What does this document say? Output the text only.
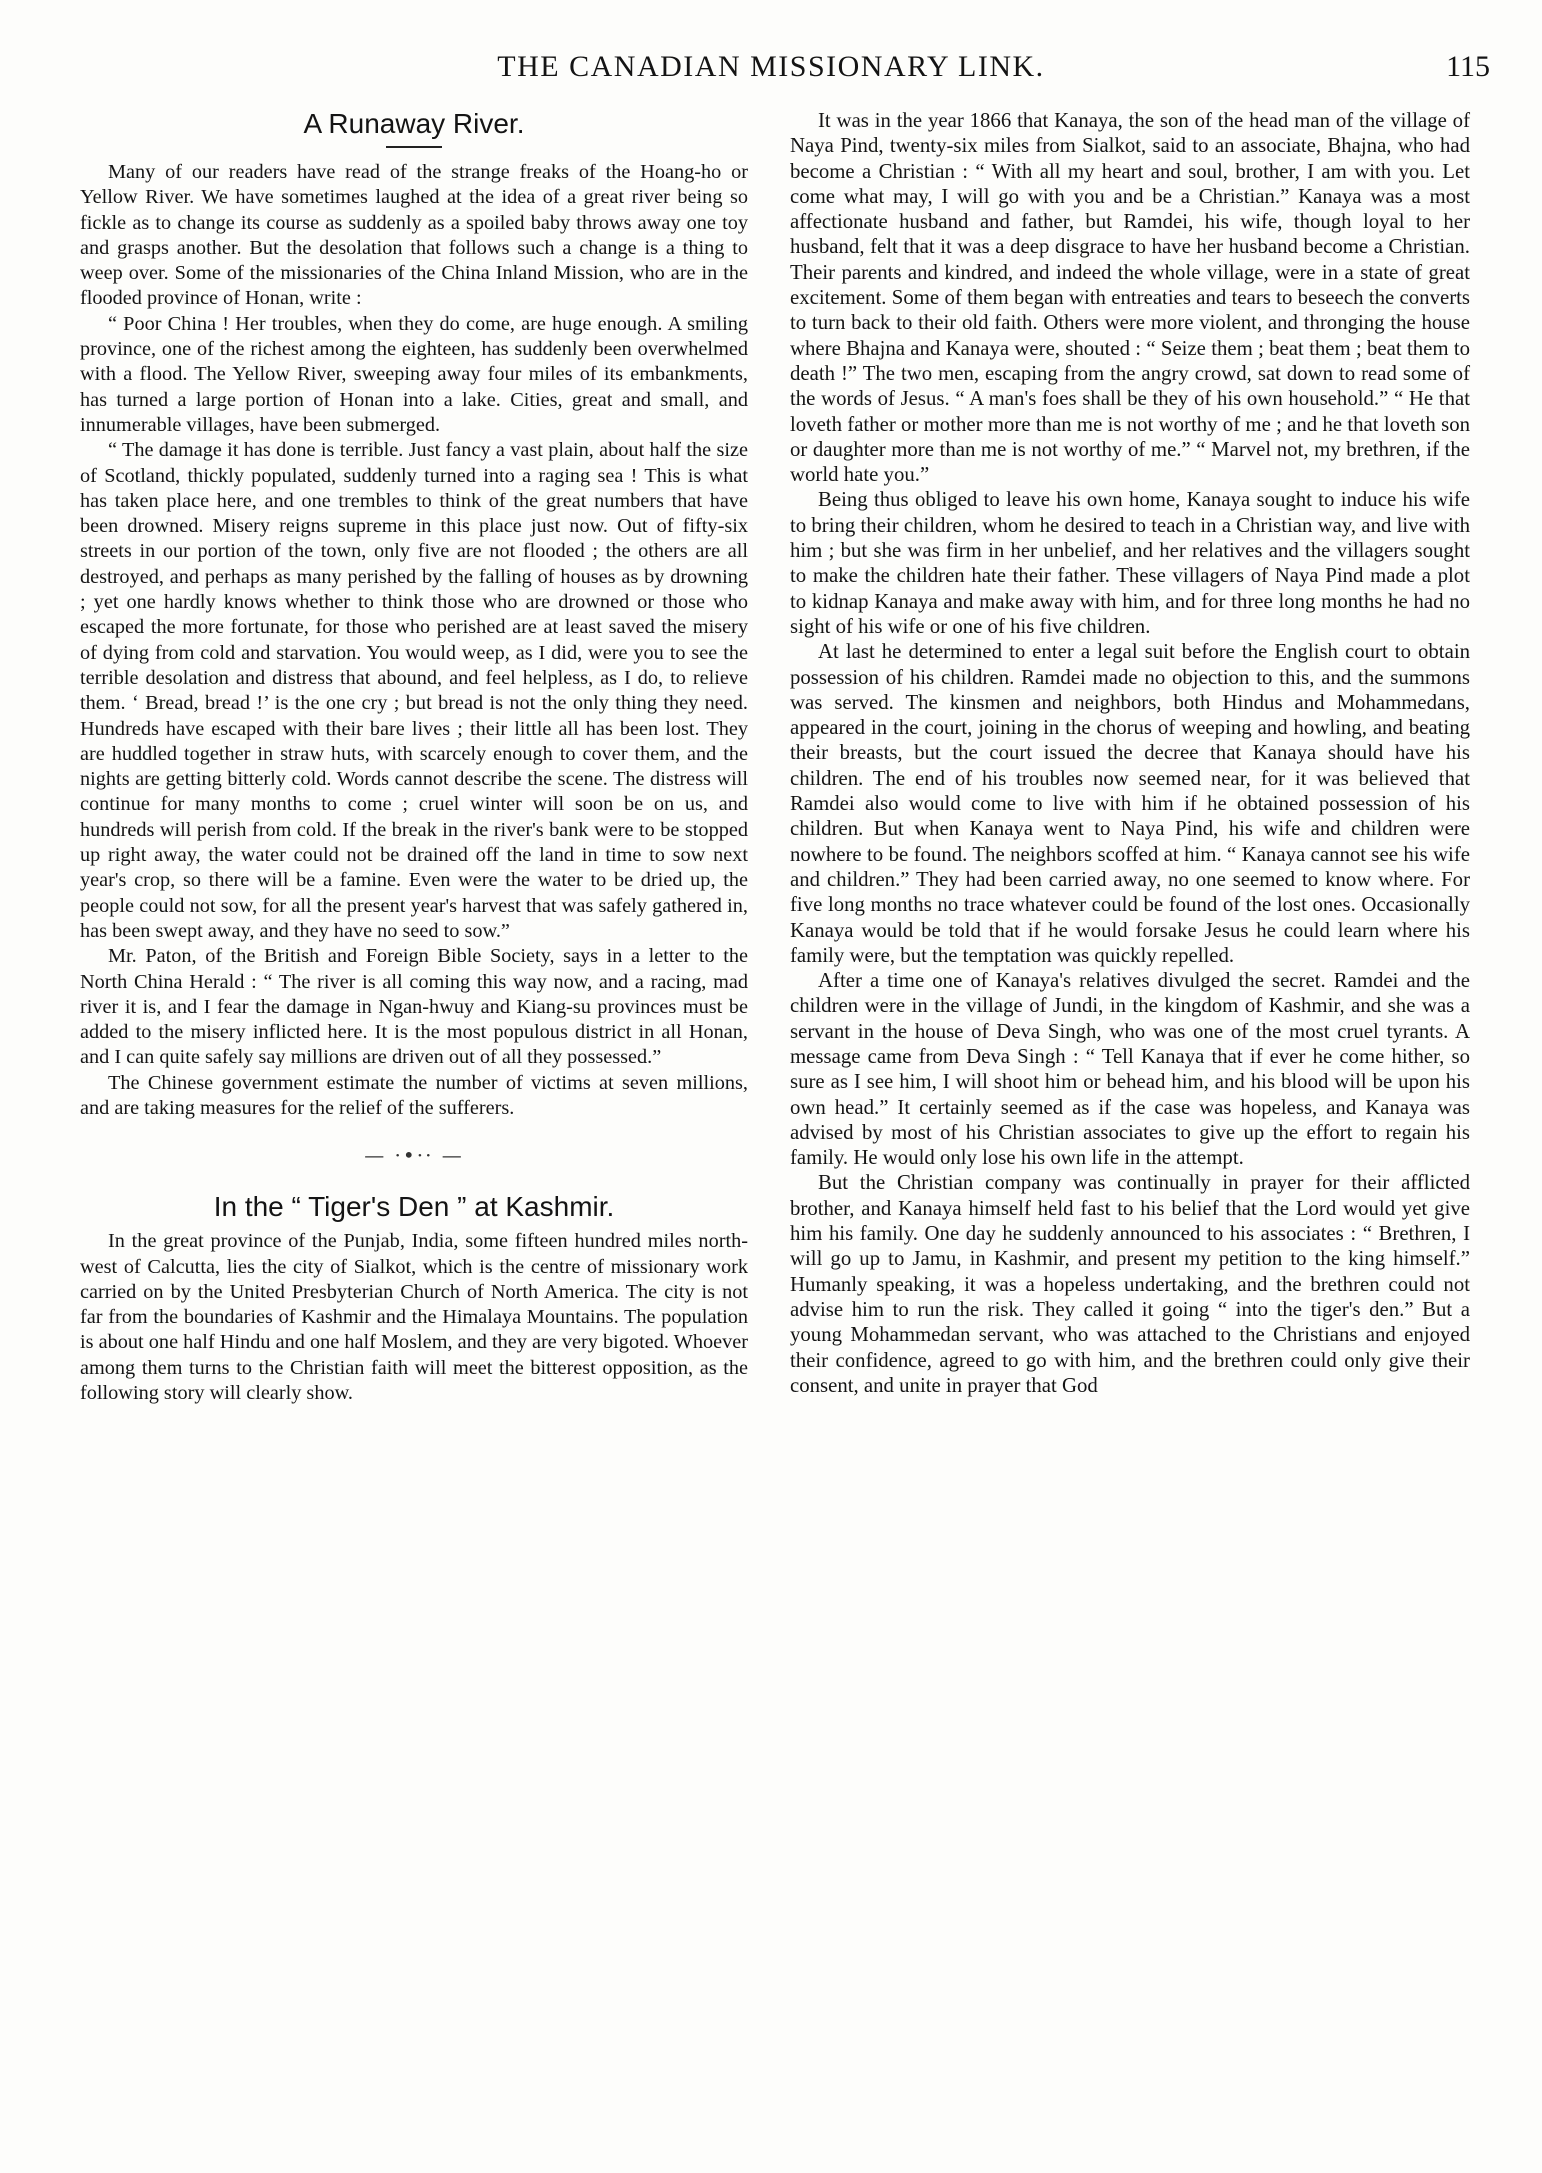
THE CANADIAN MISSIONARY LINK.	115
A Runaway River.

Many of our readers have read of the strange freaks of the Hoang-ho or Yellow River. We have sometimes laughed at the idea of a great river being so fickle as to change its course as suddenly as a spoiled baby throws away one toy and grasps another. But the desolation that follows such a change is a thing to weep over. Some of the missionaries of the China Inland Mission, who are in the flooded province of Honan, write :

“ Poor China ! Her troubles, when they do come, are huge enough. A smiling province, one of the richest among the eighteen, has suddenly been overwhelmed with a flood. The Yellow River, sweeping away four miles of its embankments, has turned a large portion of Honan into a lake. Cities, great and small, and innumerable villages, have been submerged.

“ The damage it has done is terrible. Just fancy a vast plain, about half the size of Scotland, thickly populated, suddenly turned into a raging sea ! This is what has taken place here, and one trembles to think of the great numbers that have been drowned. Misery reigns supreme in this place just now. Out of fifty-six streets in our portion of the town, only five are not flooded ; the others are all destroyed, and perhaps as many perished by the falling of houses as by drowning ; yet one hardly knows whether to think those who are drowned or those who escaped the more fortunate, for those who perished are at least saved the misery of dying from cold and starvation. You would weep, as I did, were you to see the terrible desolation and distress that abound, and feel helpless, as I do, to relieve them. ‘ Bread, bread !’ is the one cry ; but bread is not the only thing they need. Hundreds have escaped with their bare lives ; their little all has been lost. They are huddled together in straw huts, with scarcely enough to cover them, and the nights are getting bitterly cold. Words cannot describe the scene. The distress will continue for many months to come ; cruel winter will soon be on us, and hundreds will perish from cold. If the break in the river's bank were to be stopped up right away, the water could not be drained off the land in time to sow next year's crop, so there will be a famine. Even were the water to be dried up, the people could not sow, for all the present year's harvest that was safely gathered in, has been swept away, and they have no seed to sow.”

Mr. Paton, of the British and Foreign Bible Society, says in a letter to the North China Herald : “ The river is all coming this way now, and a racing, mad river it is, and I fear the damage in Ngan-hwuy and Kiang-su provinces must be added to the misery inflicted here. It is the most populous district in all Honan, and I can quite safely say millions are driven out of all they possessed.”

The Chinese government estimate the number of victims at seven millions, and are taking measures for the relief of the sufferers.

— ·•·· —
In the “ Tiger's Den ” at Kashmir.

In the great province of the Punjab, India, some fifteen hundred miles north-west of Calcutta, lies the city of Sialkot, which is the centre of missionary work carried on by the United Presbyterian Church of North America. The city is not far from the boundaries of Kashmir and the Himalaya Mountains. The population is about one half Hindu and one half Moslem, and they are very bigoted. Whoever among them turns to the Christian faith will meet the bitterest opposition, as the following story will clearly show.

It was in the year 1866 that Kanaya, the son of the head man of the village of Naya Pind, twenty-six miles from Sialkot, said to an associate, Bhajna, who had become a Christian : “ With all my heart and soul, brother, I am with you. Let come what may, I will go with you and be a Christian.” Kanaya was a most affectionate husband and father, but Ramdei, his wife, though loyal to her husband, felt that it was a deep disgrace to have her husband become a Christian. Their parents and kindred, and indeed the whole village, were in a state of great excitement. Some of them began with entreaties and tears to beseech the converts to turn back to their old faith. Others were more violent, and thronging the house where Bhajna and Kanaya were, shouted : “ Seize them ; beat them ; beat them to death !” The two men, escaping from the angry crowd, sat down to read some of the words of Jesus. “ A man's foes shall be they of his own household.” “ He that loveth father or mother more than me is not worthy of me ; and he that loveth son or daughter more than me is not worthy of me.” “ Marvel not, my brethren, if the world hate you.”

Being thus obliged to leave his own home, Kanaya sought to induce his wife to bring their children, whom he desired to teach in a Christian way, and live with him ; but she was firm in her unbelief, and her relatives and the villagers sought to make the children hate their father. These villagers of Naya Pind made a plot to kidnap Kanaya and make away with him, and for three long months he had no sight of his wife or one of his five children.

At last he determined to enter a legal suit before the English court to obtain possession of his children. Ramdei made no objection to this, and the summons was served. The kinsmen and neighbors, both Hindus and Mohammedans, appeared in the court, joining in the chorus of weeping and howling, and beating their breasts, but the court issued the decree that Kanaya should have his children. The end of his troubles now seemed near, for it was believed that Ramdei also would come to live with him if he obtained possession of his children. But when Kanaya went to Naya Pind, his wife and children were nowhere to be found. The neighbors scoffed at him. “ Kanaya cannot see his wife and children.” They had been carried away, no one seemed to know where. For five long months no trace whatever could be found of the lost ones. Occasionally Kanaya would be told that if he would forsake Jesus he could learn where his family were, but the temptation was quickly repelled.

After a time one of Kanaya's relatives divulged the secret. Ramdei and the children were in the village of Jundi, in the kingdom of Kashmir, and she was a servant in the house of Deva Singh, who was one of the most cruel tyrants. A message came from Deva Singh : “ Tell Kanaya that if ever he come hither, so sure as I see him, I will shoot him or behead him, and his blood will be upon his own head.” It certainly seemed as if the case was hopeless, and Kanaya was advised by most of his Christian associates to give up the effort to regain his family. He would only lose his own life in the attempt.

But the Christian company was continually in prayer for their afflicted brother, and Kanaya himself held fast to his belief that the Lord would yet give him his family. One day he suddenly announced to his associates : “ Brethren, I will go up to Jamu, in Kashmir, and present my petition to the king himself.” Humanly speaking, it was a hopeless undertaking, and the brethren could not advise him to run the risk. They called it going “ into the tiger's den.” But a young Mohammedan servant, who was attached to the Christians and enjoyed their confidence, agreed to go with him, and the brethren could only give their consent, and unite in prayer that God
